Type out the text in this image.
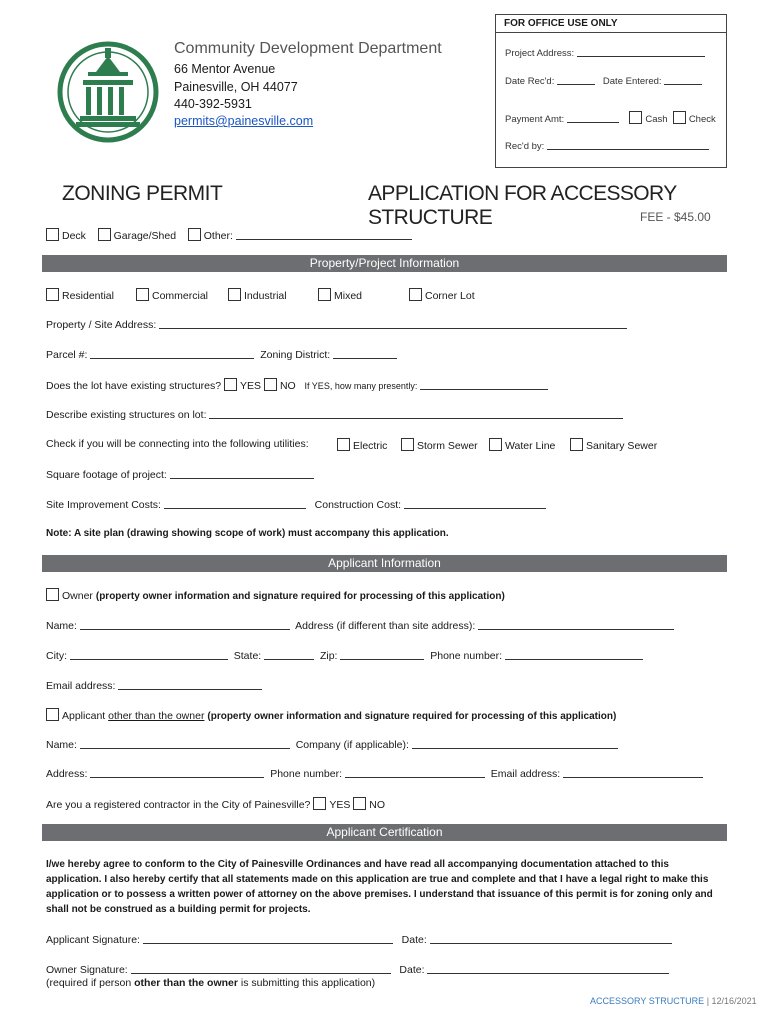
Community Development Department
66 Mentor Avenue
Painesville, OH 44077
440-392-5931
permits@painesville.com
FOR OFFICE USE ONLY
Project Address:
Date Rec'd:	Date Entered:
Payment Amt:	Cash Check
Rec'd by:
ZONING PERMIT	APPLICATION FOR ACCESSORY STRUCTURE	FEE - $45.00
Deck	Garage/Shed	Other:
Property/Project Information
Residential	Commercial	Industrial	Mixed	Corner Lot
Property / Site Address:
Parcel #:	Zoning District:
Does the lot have existing structures? YES NO If YES, how many presently:
Describe existing structures on lot:
Check if you will be connecting into the following utilities:	Electric	Storm Sewer	Water Line	Sanitary Sewer
Square footage of project:
Site Improvement Costs:	Construction Cost:
Note: A site plan (drawing showing scope of work) must accompany this application.
Applicant Information
Owner (property owner information and signature required for processing of this application)
Name:	Address (if different than site address):
City:	State:	Zip:	Phone number:
Email address:
Applicant other than the owner (property owner information and signature required for processing of this application)
Name:	Company (if applicable):
Address:	Phone number:	Email address:
Are you a registered contractor in the City of Painesville? YES NO
Applicant Certification
I/we hereby agree to conform to the City of Painesville Ordinances and have read all accompanying documentation attached to this application. I also hereby certify that all statements made on this application are true and complete and that I have a legal right to make this application or to possess a written power of attorney on the above premises. I understand that issuance of this permit is for zoning only and shall not be construed as a building permit for projects.
Applicant Signature:	Date:
Owner Signature:	Date:
(required if person other than the owner is submitting this application)
ACCESSORY STRUCTURE | 12/16/2021
